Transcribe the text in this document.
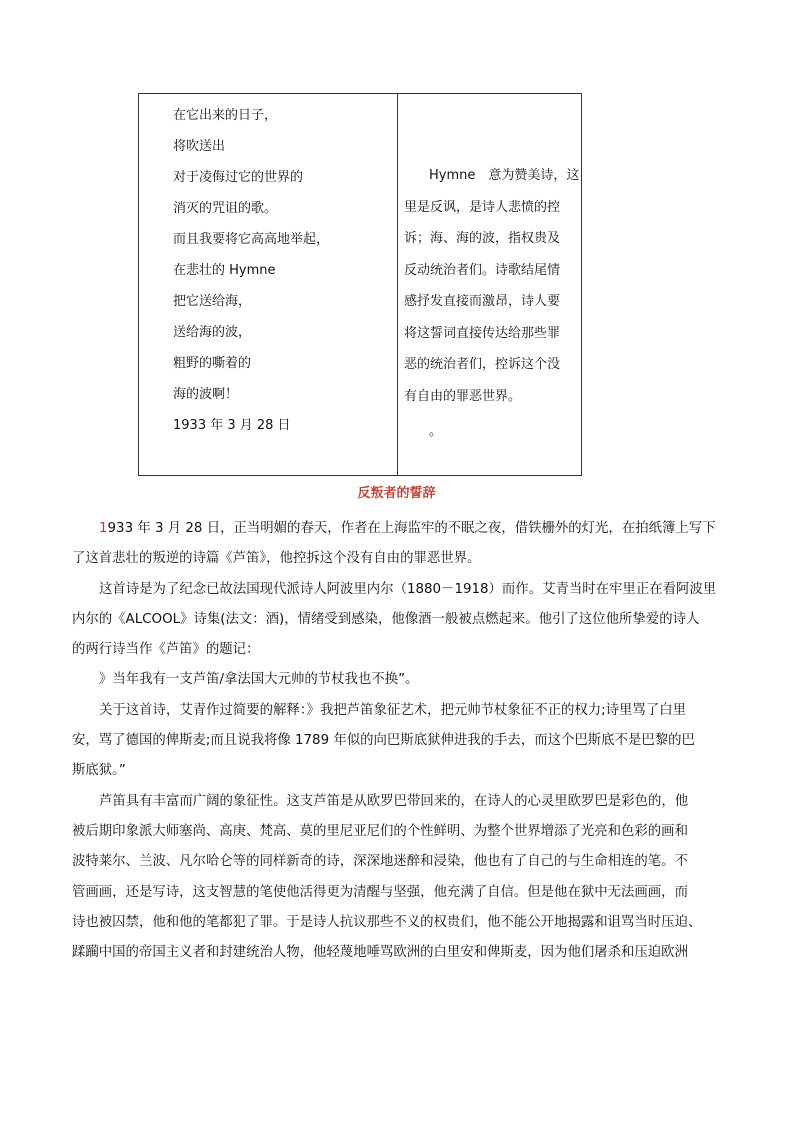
在它出来的日子，
将吹送出
对于凌侮过它的世界的
消灭的咒诅的歌。
而且我要将它高高地举起，
在悲壮的 Hymne
把它送给海，
送给海的波，
粗野的嘶着的
海的波啊！
1933 年 3 月 28 日
Hymne　意为赞美诗，这
里是反讽，是诗人悲愤的控
诉；海、海的波，指权贵及
反动统治者们。诗歌结尾情
感抒发直接而激昂，诗人要
将这誓词直接传达给那些罪
恶的统治者们，控诉这个没
有自由的罪恶世界。
。
反叛者的誓辞
1933 年 3 月 28 日，正当明媚的春天，作者在上海监牢的不眠之夜，借铁栅外的灯光，在拍纸簿上写下
了这首悲壮的叛逆的诗篇《芦笛》，他控拆这个没有自由的罪恶世界。
这首诗是为了纪念已故法国现代派诗人阿波里内尔（1880－1918）而作。艾青当时在牢里正在看阿波里
内尔的《ALCOOL》诗集(法文：酒)，情绪受到感染，他像酒一般被点燃起来。他引了这位他所挚爱的诗人
的两行诗当作《芦笛》的题记：
》当年我有一支芦笛/拿法国大元帅的节杖我也不换”。
关于这首诗，艾青作过简要的解释：》我把芦笛象征艺术，把元帅节杖象征不正的权力;诗里骂了白里
安，骂了德国的俾斯麦;而且说我将像 1789 年似的向巴斯底狱伸进我的手去，而这个巴斯底不是巴黎的巴
斯底狱。”
芦笛具有丰富而广阔的象征性。这支芦笛是从欧罗巴带回来的，在诗人的心灵里欧罗巴是彩色的，他
被后期印象派大师塞尚、高庚、梵高、莫的里尼亚尼们的个性鲜明、为整个世界增添了光亮和色彩的画和
波特莱尔、兰波、凡尔哈仑等的同样新奇的诗，深深地迷醉和浸染，他也有了自己的与生命相连的笔。不
管画画，还是写诗，这支智慧的笔使他活得更为清醒与坚强，他充满了自信。但是他在狱中无法画画，而
诗也被囚禁，他和他的笔都犯了罪。于是诗人抗议那些不义的权贵们，他不能公开地揭露和诅骂当时压迫、
蹂躏中国的帝国主义者和封建统治人物，他轻蔑地唾骂欧洲的白里安和俾斯麦，因为他们屠杀和压迫欧洲
